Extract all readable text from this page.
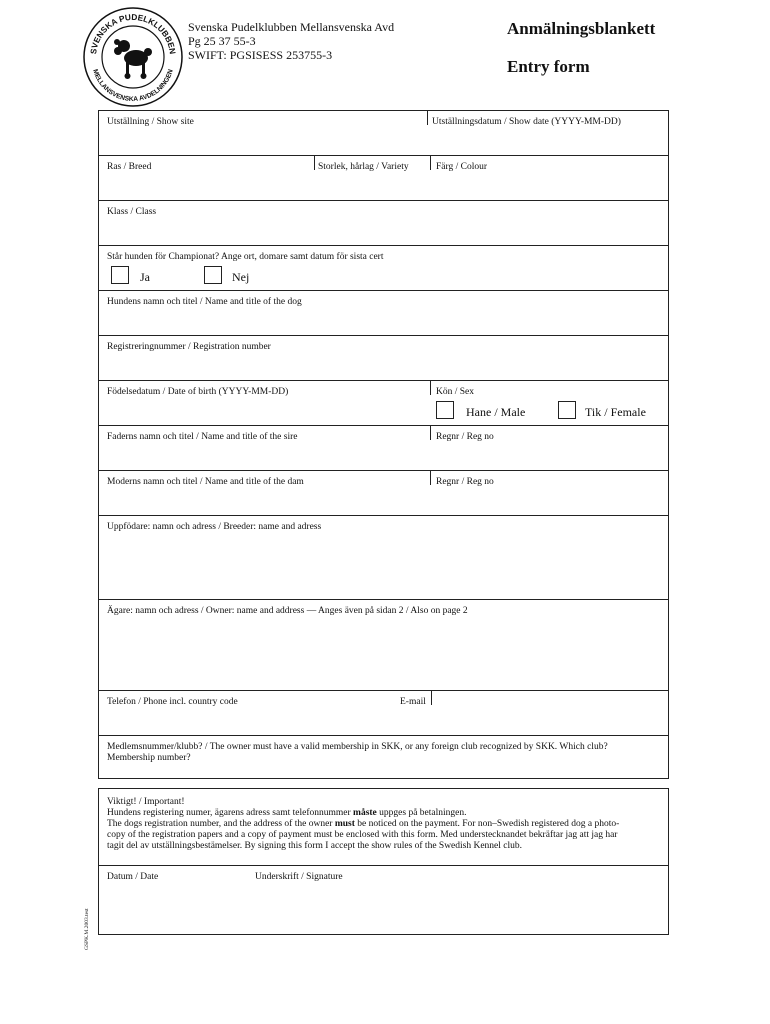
SVENSKA PUDELKLUBBEN
MELLANSVENSKA AVDELNINGEN
Svenska Pudelklubben Mellansvenska Avd
Pg 25 37 55-3
SWIFT: PGSISESS 253755-3
Anmälningsblankett
Entry form
GSPK.M.2003.test
Utställning / Show site	Utställningsdatum / Show date (YYYY-MM-DD)
Ras / Breed	Storlek, hårlag / Variety	Färg / Colour
Klass / Class
Står hunden för Championat? Ange ort, domare samt datum för sista cert
Ja	Nej
Hundens namn och titel / Name and title of the dog
Registreringnummer / Registration number
Födelsedatum / Date of birth (YYYY-MM-DD)	Kön / Sex
Hane / Male	Tik / Female
Faderns namn och titel / Name and title of the sire	Regnr / Reg no
Moderns namn och titel / Name and title of the dam	Regnr / Reg no
Uppfödare: namn och adress / Breeder: name and adress
Ägare: namn och adress / Owner: name and address — Anges även på sidan 2 / Also on page 2
Telefon / Phone incl. country code	E-mail
Medlemsnummer/klubb? / The owner must have a valid membership in SKK, or any foreign club recognized by SKK. Which club?
Membership number?
Viktigt! / Important!
Hundens registering numer, ägarens adress samt telefonnummer måste uppges på betalningen.
The dogs registration number, and the address of the owner must be noticed on the payment. For non–Swedish registered dog a photo-
copy of the registration papers and a copy of payment must be enclosed with this form. Med understecknandet bekräftar jag att jag har
tagit del av utställningsbestämelser. By signing this form I accept the show rules of the Swedish Kennel club.
Datum / Date	Underskrift / Signature
